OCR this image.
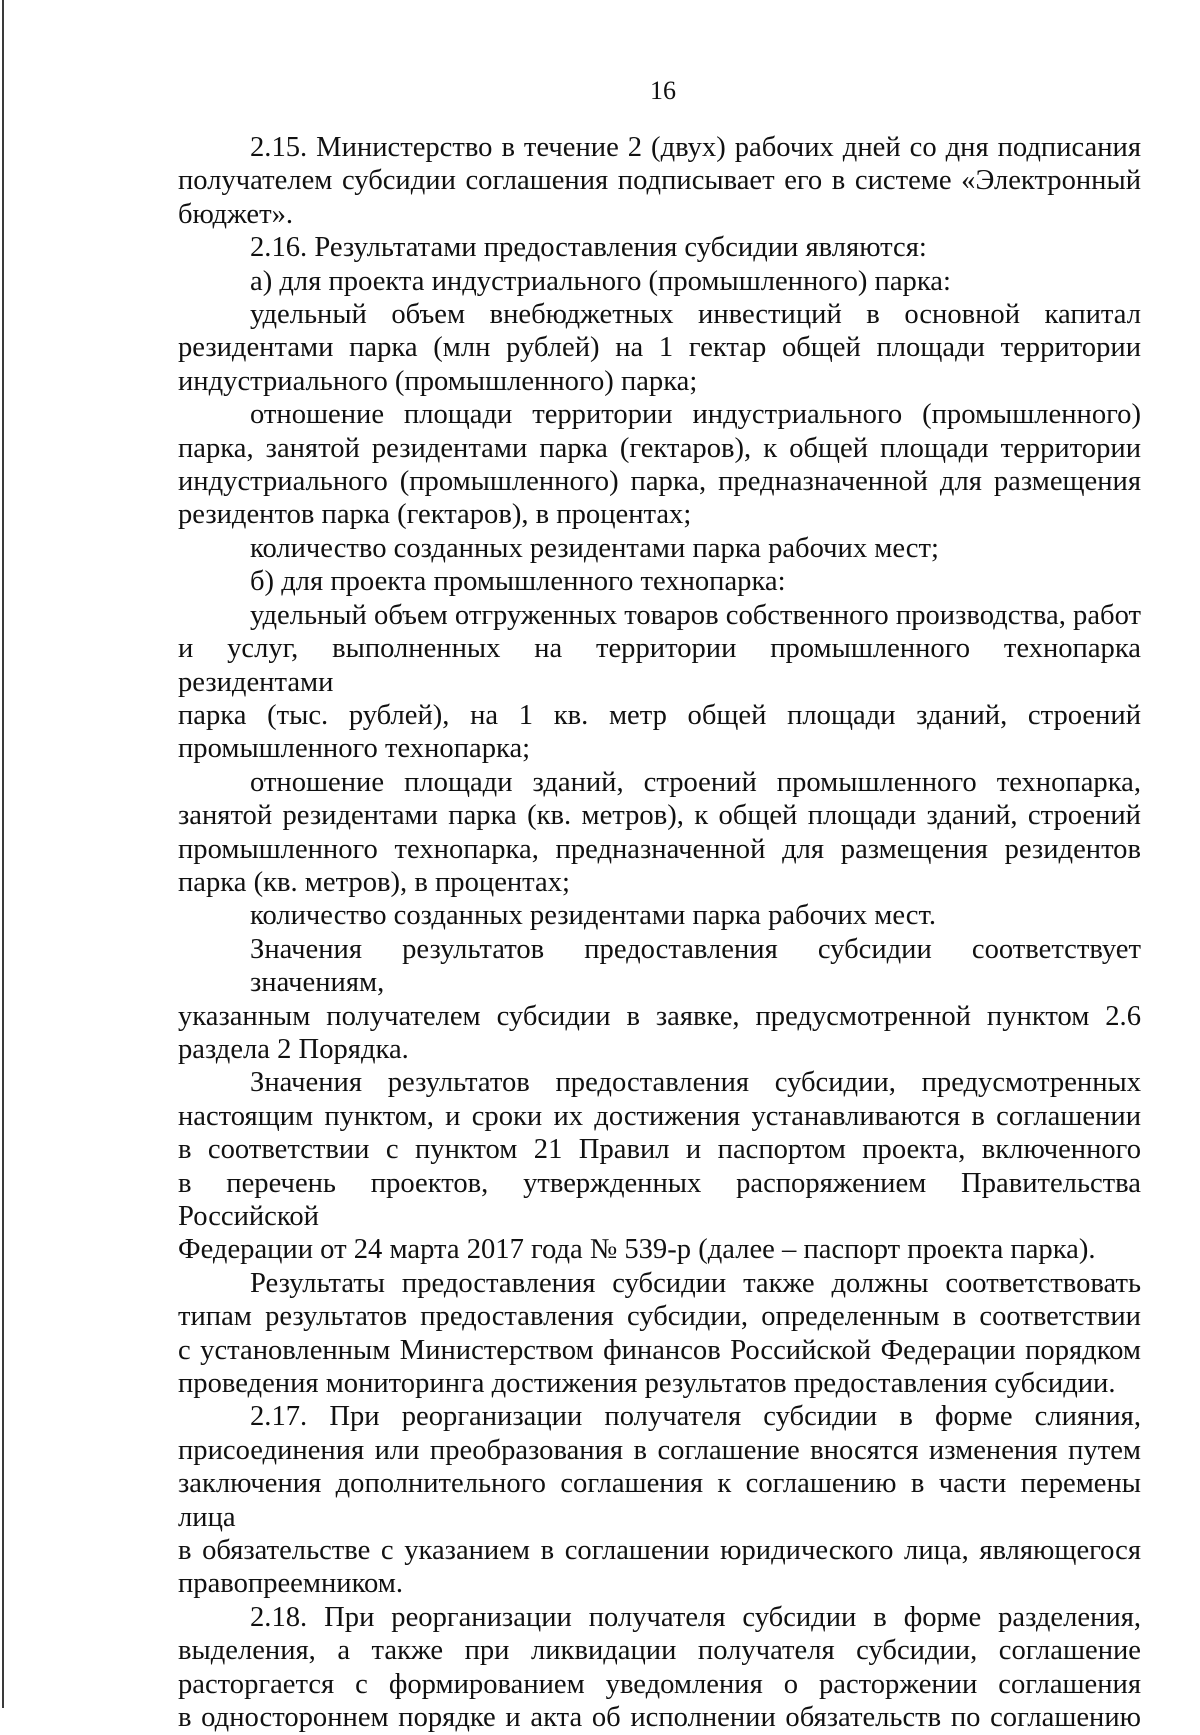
16

2.15. Министерство в течение 2 (двух) рабочих дней со дня подписания

получателем субсидии соглашения подписывает его в системе «Электронный

бюджет».

2.16. Результатами предоставления субсидии являются:

а) для проекта индустриального (промышленного) парка:

удельный объем внебюджетных инвестиций в основной капитал

резидентами парка (млн рублей) на 1 гектар общей площади территории

индустриального (промышленного) парка;

отношение площади территории индустриального (промышленного)

парка, занятой резидентами парка (гектаров), к общей площади территории

индустриального (промышленного) парка, предназначенной для размещения

резидентов парка (гектаров), в процентах;

количество созданных резидентами парка рабочих мест;

б) для проекта промышленного технопарка:

удельный объем отгруженных товаров собственного производства, работ

и услуг, выполненных на территории промышленного технопарка резидентами

парка (тыс. рублей), на 1 кв. метр общей площади зданий, строений

промышленного технопарка;

отношение площади зданий, строений промышленного технопарка,

занятой резидентами парка (кв. метров), к общей площади зданий, строений

промышленного технопарка, предназначенной для размещения резидентов

парка (кв. метров), в процентах;

количество созданных резидентами парка рабочих мест.

Значения результатов предоставления субсидии соответствует значениям,

указанным получателем субсидии в заявке, предусмотренной пунктом 2.6

раздела 2 Порядка.

Значения результатов предоставления субсидии, предусмотренных

настоящим пунктом, и сроки их достижения устанавливаются в соглашении

в соответствии с пунктом 21 Правил и паспортом проекта, включенного

в перечень проектов, утвержденных распоряжением Правительства Российской

Федерации от 24 марта 2017 года № 539-р (далее – паспорт проекта парка).

Результаты предоставления субсидии также должны соответствовать

типам результатов предоставления субсидии, определенным в соответствии

с установленным Министерством финансов Российской Федерации порядком

проведения мониторинга достижения результатов предоставления субсидии.

2.17. При реорганизации получателя субсидии в форме слияния,

присоединения или преобразования в соглашение вносятся изменения путем

заключения дополнительного соглашения к соглашению в части перемены лица

в обязательстве с указанием в соглашении юридического лица, являющегося

правопреемником.

2.18. При реорганизации получателя субсидии в форме разделения,

выделения, а также при ликвидации получателя субсидии, соглашение

расторгается с формированием уведомления о расторжении соглашения

в одностороннем порядке и акта об исполнении обязательств по соглашению
